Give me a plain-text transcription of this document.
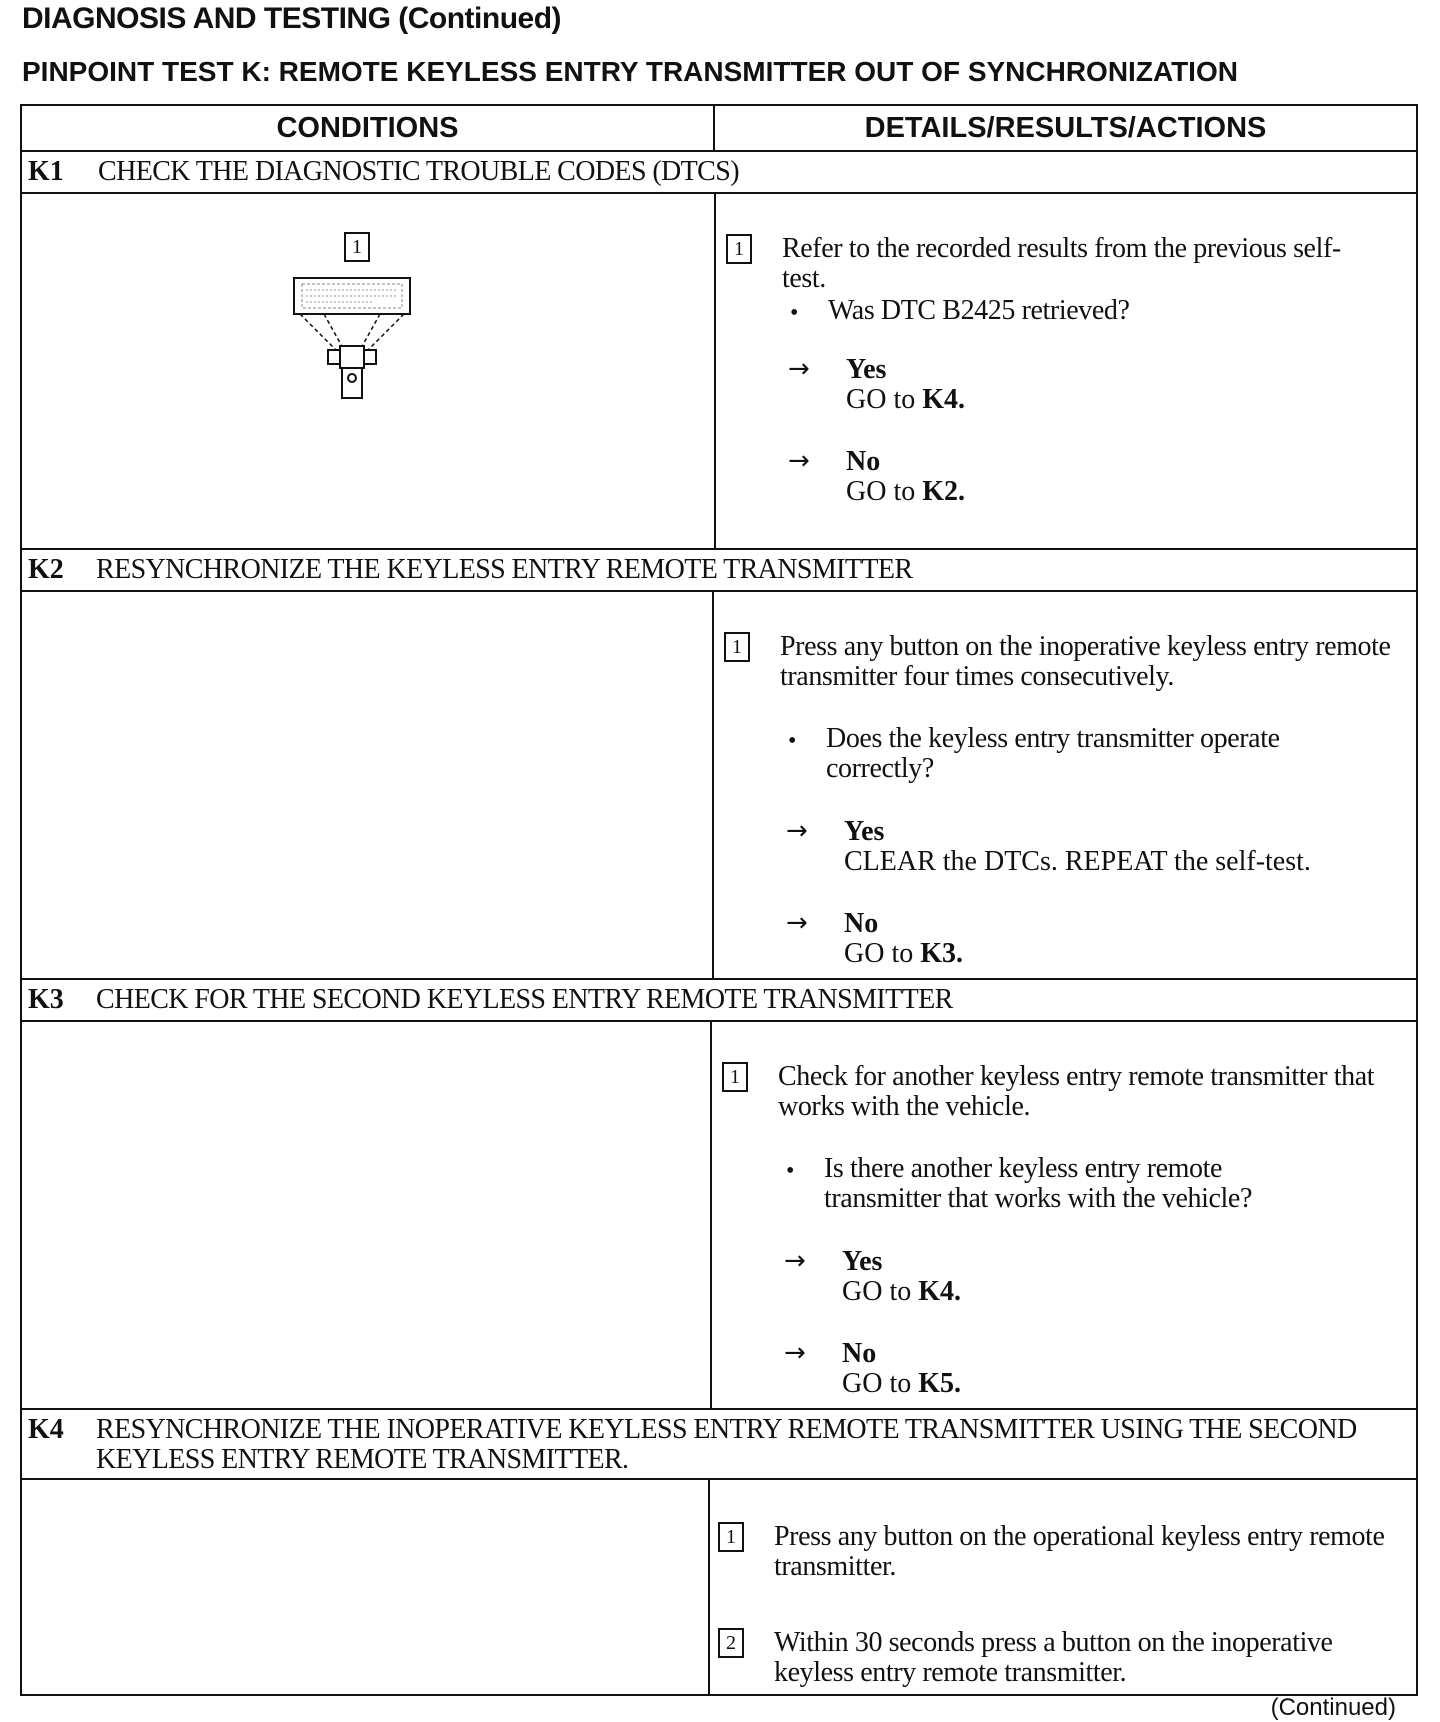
DIAGNOSIS AND TESTING (Continued)
PINPOINT TEST K: REMOTE KEYLESS ENTRY TRANSMITTER OUT OF SYNCHRONIZATION
CONDITIONS	DETAILS/RESULTS/ACTIONS
K1 CHECK THE DIAGNOSTIC TROUBLE CODES (DTCS)
1	1 Refer to the recorded results from the previous self-test.
• Was DTC B2425 retrieved?
→ Yes
GO to K4.
→ No
GO to K2.
K2 RESYNCHRONIZE THE KEYLESS ENTRY REMOTE TRANSMITTER
1 Press any button on the inoperative keyless entry remote transmitter four times consecutively.
• Does the keyless entry transmitter operate correctly?
→ Yes
CLEAR the DTCs. REPEAT the self-test.
→ No
GO to K3.
K3 CHECK FOR THE SECOND KEYLESS ENTRY REMOTE TRANSMITTER
1 Check for another keyless entry remote transmitter that works with the vehicle.
• Is there another keyless entry remote transmitter that works with the vehicle?
→ Yes
GO to K4.
→ No
GO to K5.
K4 RESYNCHRONIZE THE INOPERATIVE KEYLESS ENTRY REMOTE TRANSMITTER USING THE SECOND KEYLESS ENTRY REMOTE TRANSMITTER.
1 Press any button on the operational keyless entry remote transmitter.
2 Within 30 seconds press a button on the inoperative keyless entry remote transmitter.
(Continued)
